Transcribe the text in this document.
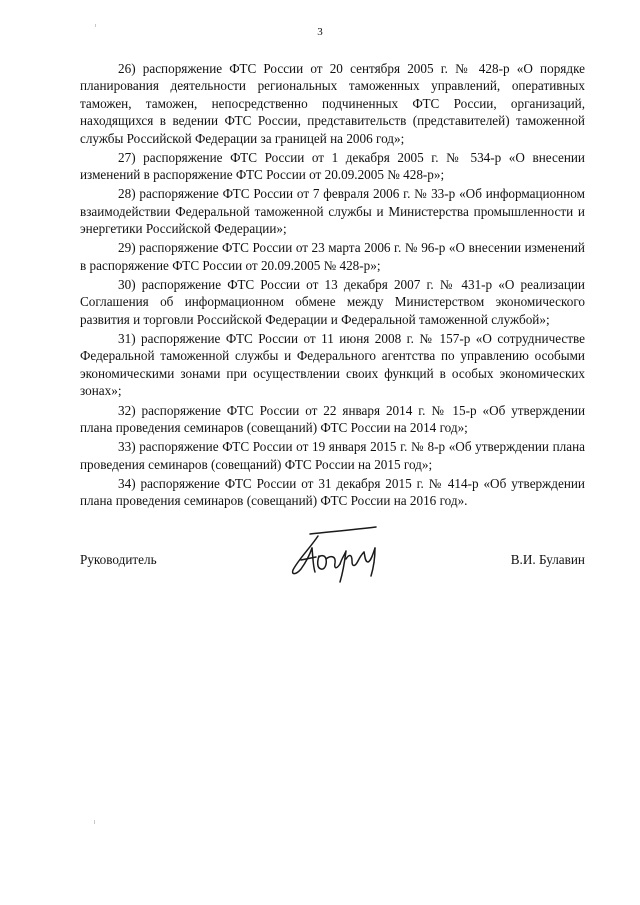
3

26) распоряжение ФТС России от 20 сентября 2005 г. № 428-р «О порядке планирования деятельности региональных таможенных управлений, оперативных таможен, таможен, непосредственно подчиненных ФТС России, организаций, находящихся в ведении ФТС России, представительств (представителей) таможенной службы Российской Федерации за границей на 2006 год»;

27) распоряжение ФТС России от 1 декабря 2005 г. № 534-р «О внесении изменений в распоряжение ФТС России от 20.09.2005 № 428-р»;

28) распоряжение ФТС России от 7 февраля 2006 г. № 33-р «Об информационном взаимодействии Федеральной таможенной службы и Министерства промышленности и энергетики Российской Федерации»;

29) распоряжение ФТС России от 23 марта 2006 г. № 96-р «О внесении изменений в распоряжение ФТС России от 20.09.2005 № 428-р»;

30) распоряжение ФТС России от 13 декабря 2007 г. № 431-р «О реализации Соглашения об информационном обмене между Министерством экономического развития и торговли Российской Федерации и Федеральной таможенной службой»;

31) распоряжение ФТС России от 11 июня 2008 г. № 157-р «О сотрудничестве Федеральной таможенной службы и Федерального агентства по управлению особыми экономическими зонами при осуществлении своих функций в особых экономических зонах»;

32) распоряжение ФТС России от 22 января 2014 г. № 15-р «Об утверждении плана проведения семинаров (совещаний) ФТС России на 2014 год»;

33) распоряжение ФТС России от 19 января 2015 г. № 8-р «Об утверждении плана проведения семинаров (совещаний) ФТС России на 2015 год»;

34) распоряжение ФТС России от 31 декабря 2015 г. № 414-р «Об утверждении плана проведения семинаров (совещаний) ФТС России на 2016 год».

Руководитель	В.И. Булавин
